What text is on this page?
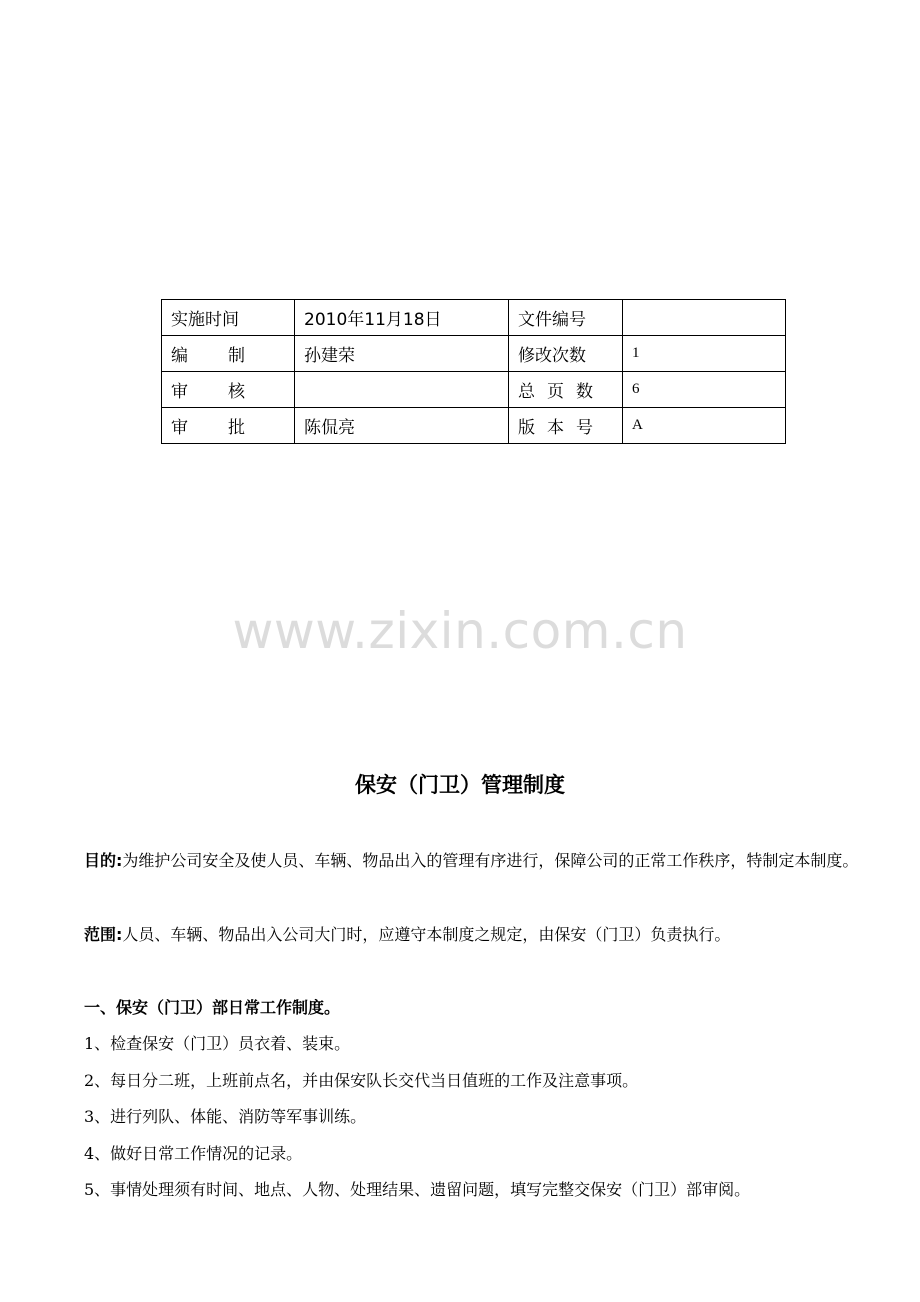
实施时间	2010年11月18日	文件编号	
编 制	孙建荣	修改次数	1
审 核		总 页 数	6
审 批	陈侃亮	版 本 号	A
www.zixin.com.cn
保安（门卫）管理制度

目的:为维护公司安全及使人员、车辆、物品出入的管理有序进行，保障公司的正常工作秩序，特制定本制度。

范围:人员、车辆、物品出入公司大门时，应遵守本制度之规定，由保安（门卫）负责执行。

一、保安（门卫）部日常工作制度。
1、检查保安（门卫）员衣着、装束。
2、每日分二班，上班前点名，并由保安队长交代当日值班的工作及注意事项。
3、进行列队、体能、消防等军事训练。
4、做好日常工作情况的记录。
5、事情处理须有时间、地点、人物、处理结果、遗留问题，填写完整交保安（门卫）部审阅。
